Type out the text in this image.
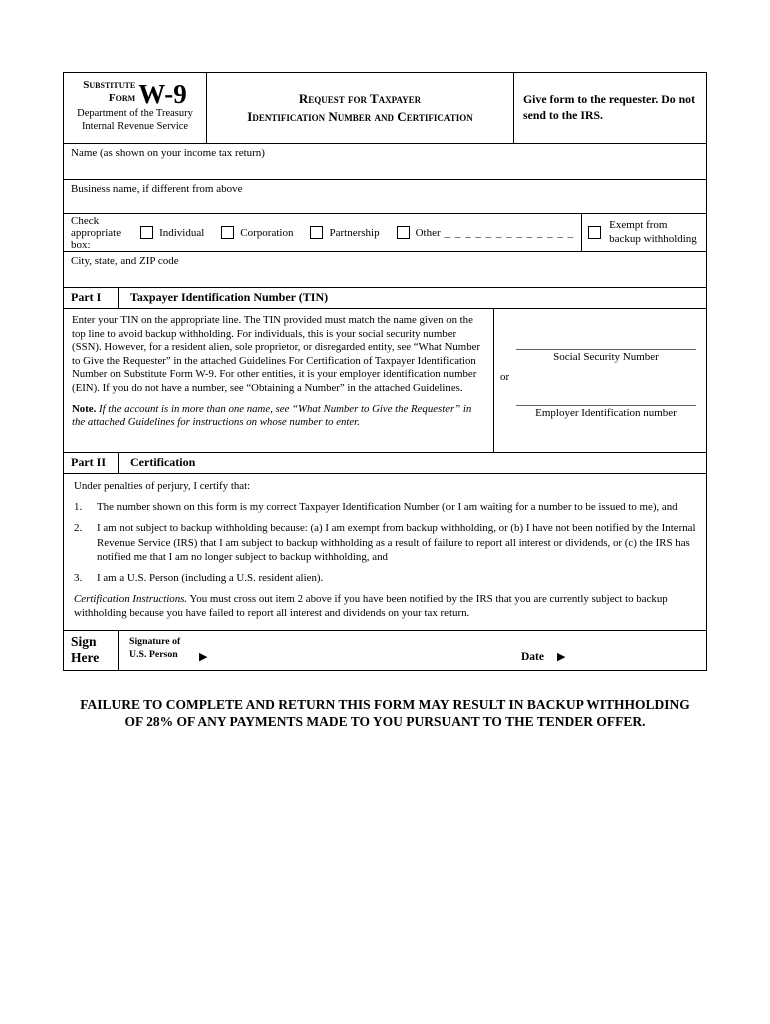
Substitute
Form W-9
Department of the Treasury
Internal Revenue Service
Request for Taxpayer
Identification Number and Certification
Give form to the requester. Do not send to the IRS.
Name (as shown on your income tax return)
Business name, if different from above
Check appropriate box:
Individual	Corporation	Partnership	Other _ _ _ _ _ _ _ _ _ _ _ _ _
Exempt from backup withholding
City, state, and ZIP code
Part I	Taxpayer Identification Number (TIN)
Enter your TIN on the appropriate line. The TIN provided must match the name given on the top line to avoid backup withholding. For individuals, this is your social security number (SSN). However, for a resident alien, sole proprietor, or disregarded entity, see “What Number to Give the Requester” in the attached Guidelines For Certification of Taxpayer Identification Number on Substitute Form W-9. For other entities, it is your employer identification number (EIN). If you do not have a number, see “Obtaining a Number” in the attached Guidelines.
Note. If the account is in more than one name, see “What Number to Give the Requester” in the attached Guidelines for instructions on whose number to enter.
Social Security Number
or
Employer Identification number
Part II	Certification
Under penalties of perjury, I certify that:
1.	The number shown on this form is my correct Taxpayer Identification Number (or I am waiting for a number to be issued to me), and
2.	I am not subject to backup withholding because: (a) I am exempt from backup withholding, or (b) I have not been notified by the Internal Revenue Service (IRS) that I am subject to backup withholding as a result of failure to report all interest or dividends, or (c) the IRS has notified me that I am no longer subject to backup withholding, and
3.	I am a U.S. Person (including a U.S. resident alien).
Certification Instructions. You must cross out item 2 above if you have been notified by the IRS that you are currently subject to backup withholding because you have failed to report all interest and dividends on your tax return.
Sign
Here
Signature of
U.S. Person ▶	Date ▶
FAILURE TO COMPLETE AND RETURN THIS FORM MAY RESULT IN BACKUP WITHHOLDING
OF 28% OF ANY PAYMENTS MADE TO YOU PURSUANT TO THE TENDER OFFER.
